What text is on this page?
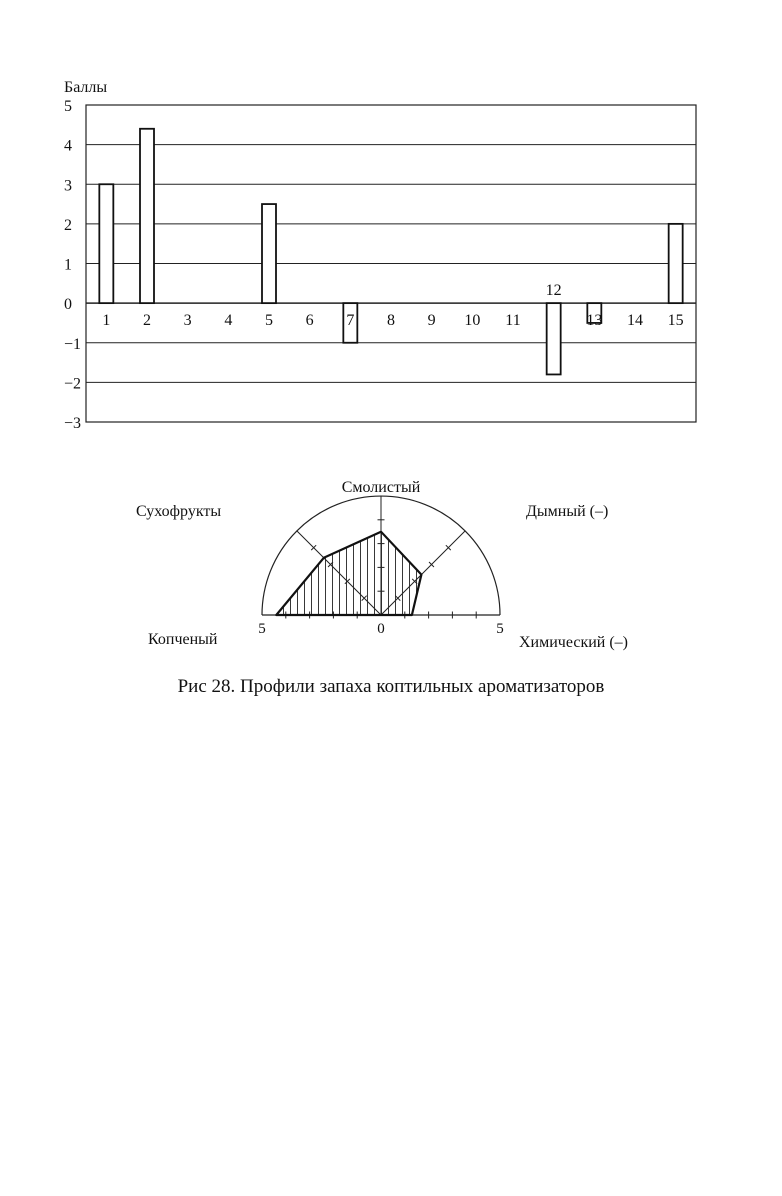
Баллы
5
4
3
2
1
0
−1
−2
−3
1 2 3 4 5 6 7 8 9 10 11
12
13 14 15
Копченый
Сухофрукты
Смолистый
Дымный (–)
Химический (–)
5	0	5
Рис 28. Профили запаха коптильных ароматизаторов
